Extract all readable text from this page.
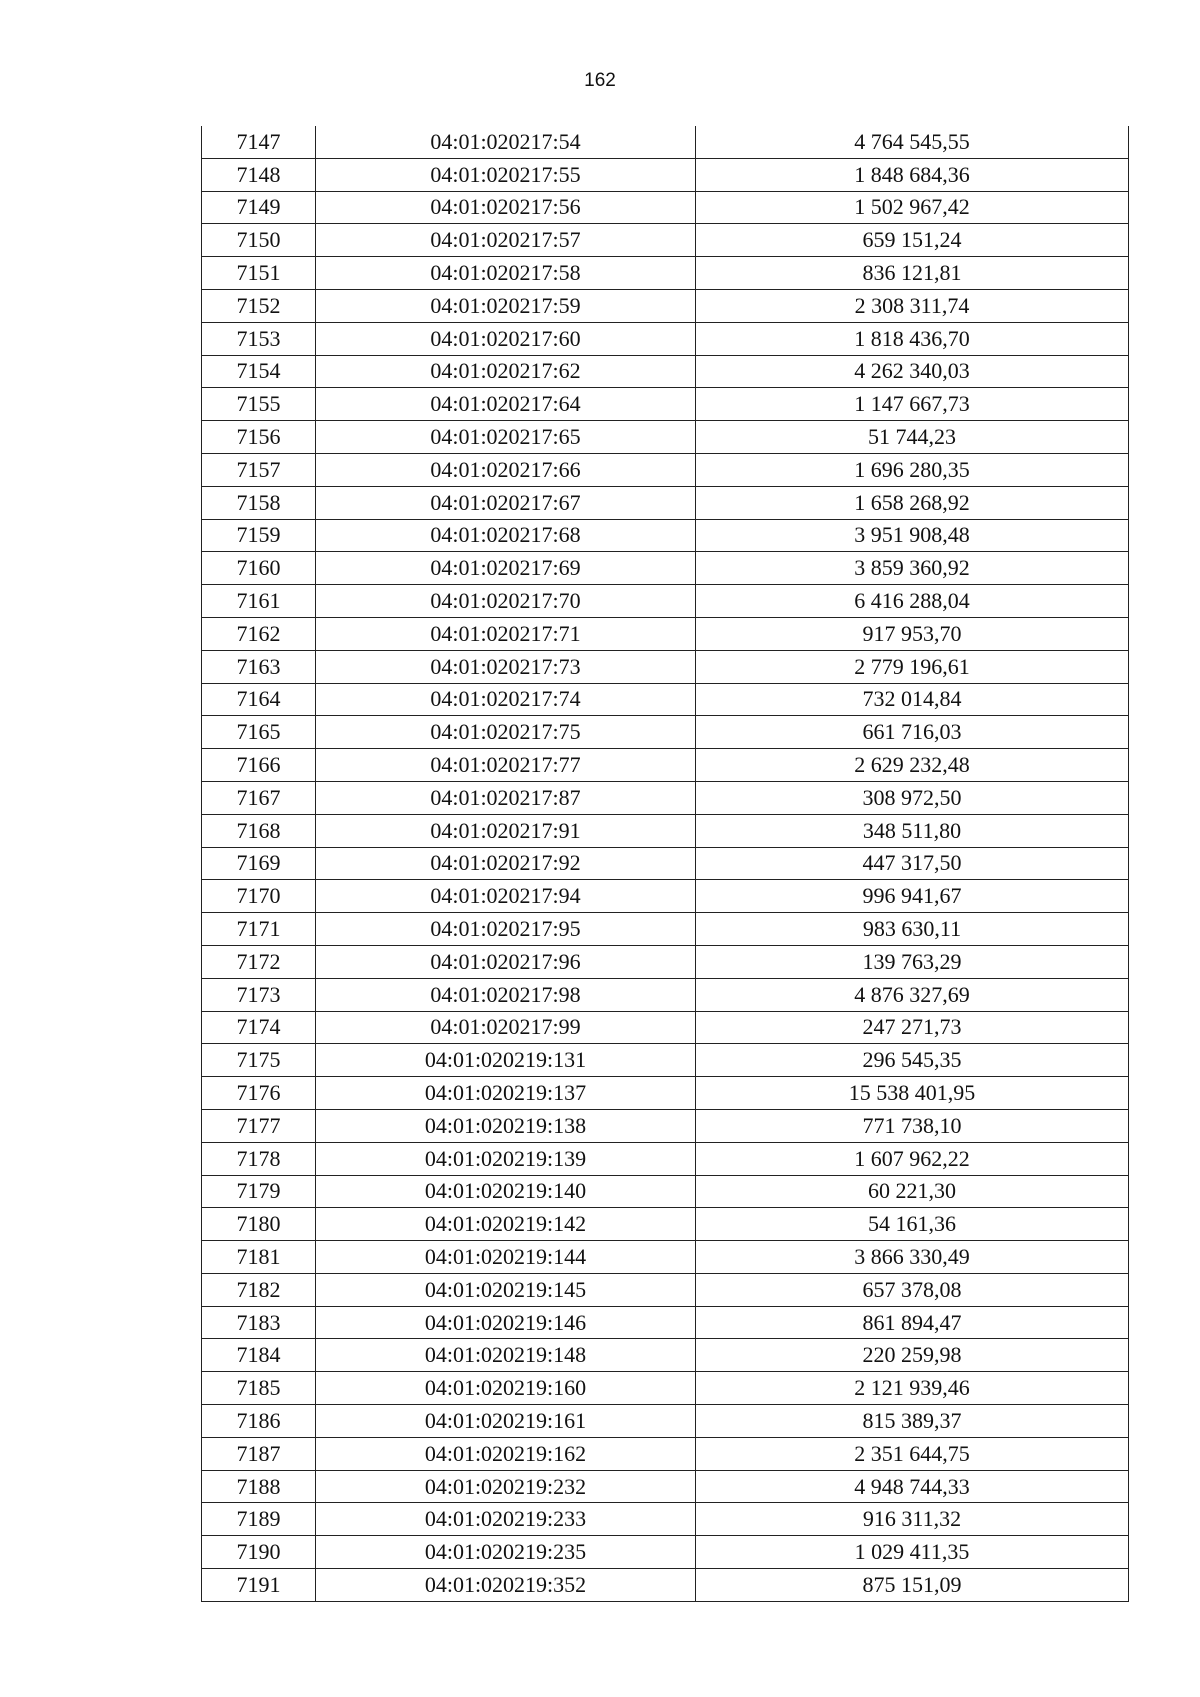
162
7147	04:01:020217:54	4 764 545,55
7148	04:01:020217:55	1 848 684,36
7149	04:01:020217:56	1 502 967,42
7150	04:01:020217:57	659 151,24
7151	04:01:020217:58	836 121,81
7152	04:01:020217:59	2 308 311,74
7153	04:01:020217:60	1 818 436,70
7154	04:01:020217:62	4 262 340,03
7155	04:01:020217:64	1 147 667,73
7156	04:01:020217:65	51 744,23
7157	04:01:020217:66	1 696 280,35
7158	04:01:020217:67	1 658 268,92
7159	04:01:020217:68	3 951 908,48
7160	04:01:020217:69	3 859 360,92
7161	04:01:020217:70	6 416 288,04
7162	04:01:020217:71	917 953,70
7163	04:01:020217:73	2 779 196,61
7164	04:01:020217:74	732 014,84
7165	04:01:020217:75	661 716,03
7166	04:01:020217:77	2 629 232,48
7167	04:01:020217:87	308 972,50
7168	04:01:020217:91	348 511,80
7169	04:01:020217:92	447 317,50
7170	04:01:020217:94	996 941,67
7171	04:01:020217:95	983 630,11
7172	04:01:020217:96	139 763,29
7173	04:01:020217:98	4 876 327,69
7174	04:01:020217:99	247 271,73
7175	04:01:020219:131	296 545,35
7176	04:01:020219:137	15 538 401,95
7177	04:01:020219:138	771 738,10
7178	04:01:020219:139	1 607 962,22
7179	04:01:020219:140	60 221,30
7180	04:01:020219:142	54 161,36
7181	04:01:020219:144	3 866 330,49
7182	04:01:020219:145	657 378,08
7183	04:01:020219:146	861 894,47
7184	04:01:020219:148	220 259,98
7185	04:01:020219:160	2 121 939,46
7186	04:01:020219:161	815 389,37
7187	04:01:020219:162	2 351 644,75
7188	04:01:020219:232	4 948 744,33
7189	04:01:020219:233	916 311,32
7190	04:01:020219:235	1 029 411,35
7191	04:01:020219:352	875 151,09
